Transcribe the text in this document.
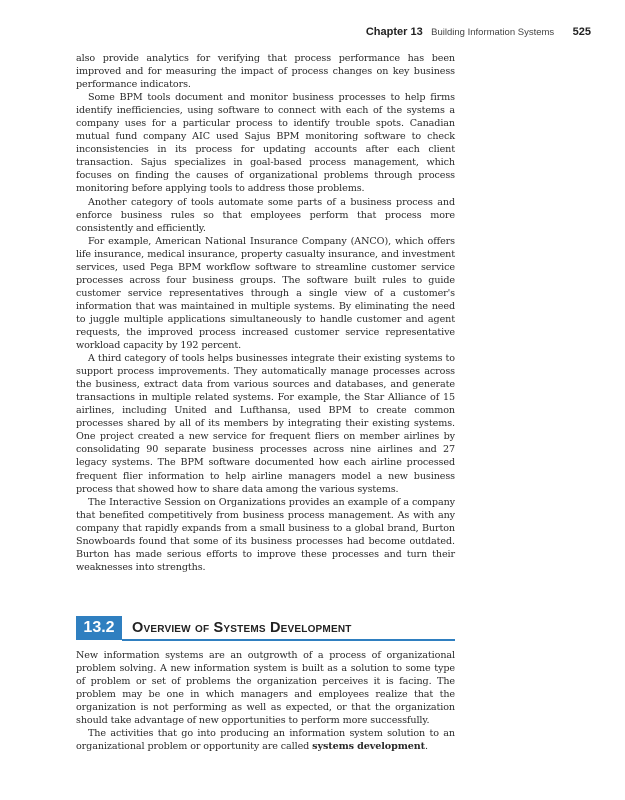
Chapter 13 Building Information Systems 525

also provide analytics for verifying that process performance has been improved and for measuring the impact of process changes on key business performance indicators.

Some BPM tools document and monitor business processes to help firms identify inefficiencies, using software to connect with each of the systems a company uses for a particular process to identify trouble spots. Canadian mutual fund company AIC used Sajus BPM monitoring software to check inconsistencies in its process for updating accounts after each client transaction. Sajus specializes in goal-based process management, which focuses on finding the causes of organizational problems through process monitoring before applying tools to address those problems.

Another category of tools automate some parts of a business process and enforce business rules so that employees perform that process more consistently and efficiently.

For example, American National Insurance Company (ANCO), which offers life insurance, medical insurance, property casualty insurance, and investment services, used Pega BPM workflow software to streamline customer service processes across four business groups. The software built rules to guide customer service representatives through a single view of a customer's information that was maintained in multiple systems. By eliminating the need to juggle multiple applications simultaneously to handle customer and agent requests, the improved process increased customer service representative workload capacity by 192 percent.

A third category of tools helps businesses integrate their existing systems to support process improvements. They automatically manage processes across the business, extract data from various sources and databases, and generate transactions in multiple related systems. For example, the Star Alliance of 15 airlines, including United and Lufthansa, used BPM to create common processes shared by all of its members by integrating their existing systems. One project created a new service for frequent fliers on member airlines by consolidating 90 separate business processes across nine airlines and 27 legacy systems. The BPM software documented how each airline processed frequent flier information to help airline managers model a new business process that showed how to share data among the various systems.

The Interactive Session on Organizations provides an example of a company that benefited competitively from business process management. As with any company that rapidly expands from a small business to a global brand, Burton Snowboards found that some of its business processes had become outdated. Burton has made serious efforts to improve these processes and turn their weaknesses into strengths.

13.2	Overview of Systems Development

New information systems are an outgrowth of a process of organizational problem solving. A new information system is built as a solution to some type of problem or set of problems the organization perceives it is facing. The problem may be one in which managers and employees realize that the organization is not performing as well as expected, or that the organization should take advantage of new opportunities to perform more successfully.

The activities that go into producing an information system solution to an organizational problem or opportunity are called systems development.
